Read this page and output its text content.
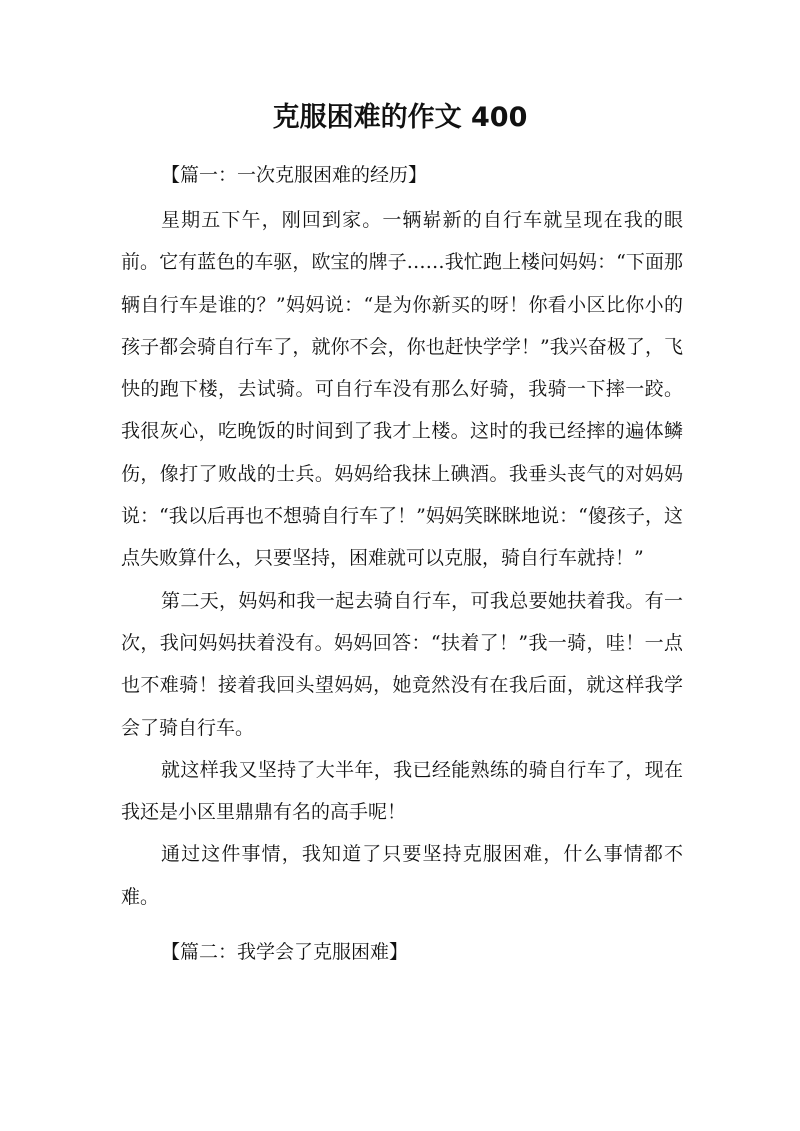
克服困难的作文 400
【篇一：一次克服困难的经历】

星期五下午，刚回到家。一辆崭新的自行车就呈现在我的眼前。它有蓝色的车驱，欧宝的牌子……我忙跑上楼问妈妈：“下面那辆自行车是谁的？”妈妈说：“是为你新买的呀！你看小区比你小的孩子都会骑自行车了，就你不会，你也赶快学学！”我兴奋极了，飞快的跑下楼，去试骑。可自行车没有那么好骑，我骑一下摔一跤。我很灰心，吃晚饭的时间到了我才上楼。这时的我已经摔的遍体鳞伤，像打了败战的士兵。妈妈给我抹上碘酒。我垂头丧气的对妈妈说：“我以后再也不想骑自行车了！”妈妈笑眯眯地说：“傻孩子，这点失败算什么，只要坚持，困难就可以克服，骑自行车就持！”

第二天，妈妈和我一起去骑自行车，可我总要她扶着我。有一次，我问妈妈扶着没有。妈妈回答：“扶着了！”我一骑，哇！一点也不难骑！接着我回头望妈妈，她竟然没有在我后面，就这样我学会了骑自行车。

就这样我又坚持了大半年，我已经能熟练的骑自行车了，现在我还是小区里鼎鼎有名的高手呢！

通过这件事情，我知道了只要坚持克服困难，什么事情都不难。

【篇二：我学会了克服困难】
